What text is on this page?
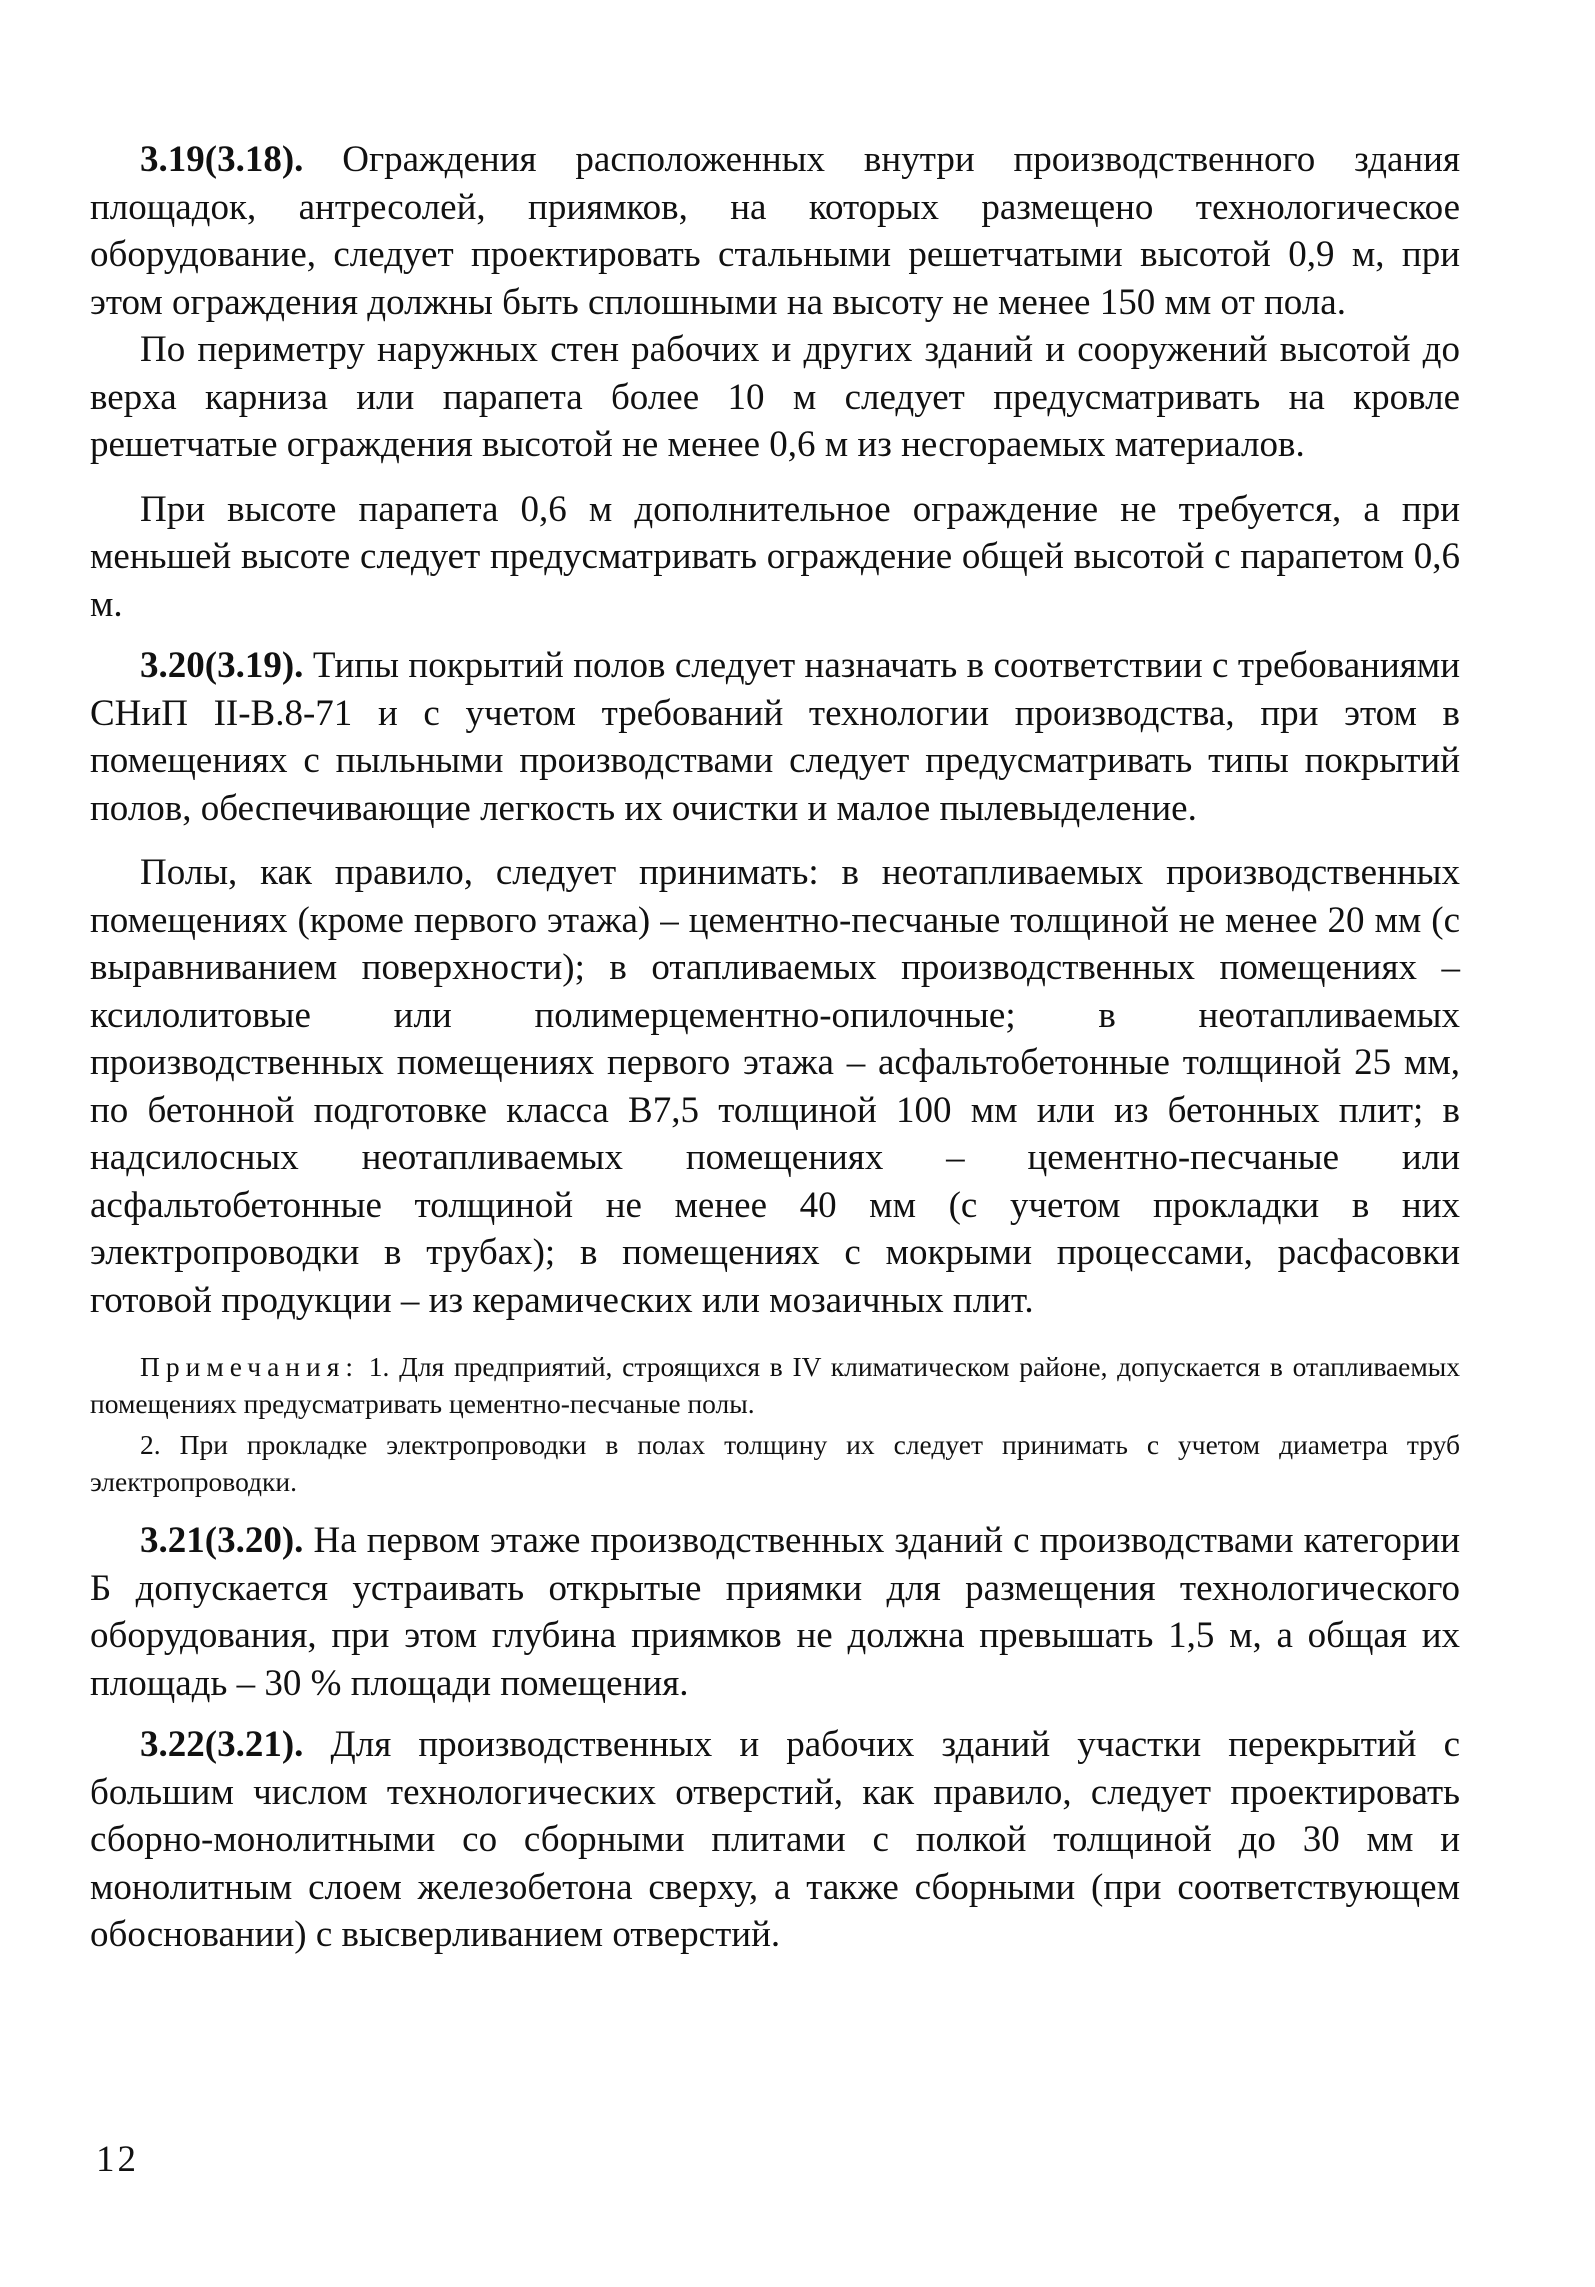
3.19(3.18). Ограждения расположенных внутри производственного здания площадок, антресолей, приямков, на которых размещено технологическое оборудование, следует проектировать стальными решетчатыми высотой 0,9 м, при этом ограждения должны быть сплошными на высоту не менее 150 мм от пола.

По периметру наружных стен рабочих и других зданий и сооружений высотой до верха карниза или парапета более 10 м следует предусматривать на кровле решетчатые ограждения высотой не менее 0,6 м из несгораемых материалов.

При высоте парапета 0,6 м дополнительное ограждение не требуется, а при меньшей высоте следует предусматривать ограждение общей высотой с парапетом 0,6 м.

3.20(3.19). Типы покрытий полов следует назначать в соответствии с требованиями СНиП II-В.8-71 и с учетом требований технологии производства, при этом в помещениях с пыльными производствами следует предусматривать типы покрытий полов, обеспечивающие легкость их очистки и малое пылевыделение.

Полы, как правило, следует принимать: в неотапливаемых производственных помещениях (кроме первого этажа) – цементно-песчаные толщиной не менее 20 мм (с выравниванием поверхности); в отапливаемых производственных помещениях – ксилолитовые или полимерцементно-опилочные; в неотапливаемых производственных помещениях первого этажа – асфальтобетонные толщиной 25 мм, по бетонной подготовке класса В7,5 толщиной 100 мм или из бетонных плит; в надсилосных неотапливаемых помещениях – цементно-песчаные или асфальтобетонные толщиной не менее 40 мм (с учетом прокладки в них электропроводки в трубах); в помещениях с мокрыми процессами, расфасовки готовой продукции – из керамических или мозаичных плит.

Примечания: 1. Для предприятий, строящихся в IV климатическом районе, допускается в отапливаемых помещениях предусматривать цементно-песчаные полы.

2. При прокладке электропроводки в полах толщину их следует принимать с учетом диаметра труб электропроводки.

3.21(3.20). На первом этаже производственных зданий с производствами категории Б допускается устраивать открытые приямки для размещения технологического оборудования, при этом глубина приямков не должна превышать 1,5 м, а общая их площадь – 30 % площади помещения.

3.22(3.21). Для производственных и рабочих зданий участки перекрытий с большим числом технологических отверстий, как правило, следует проектировать сборно-монолитными со сборными плитами с полкой толщиной до 30 мм и монолитным слоем железобетона сверху, а также сборными (при соответствующем обосновании) с высверливанием отверстий.

12
